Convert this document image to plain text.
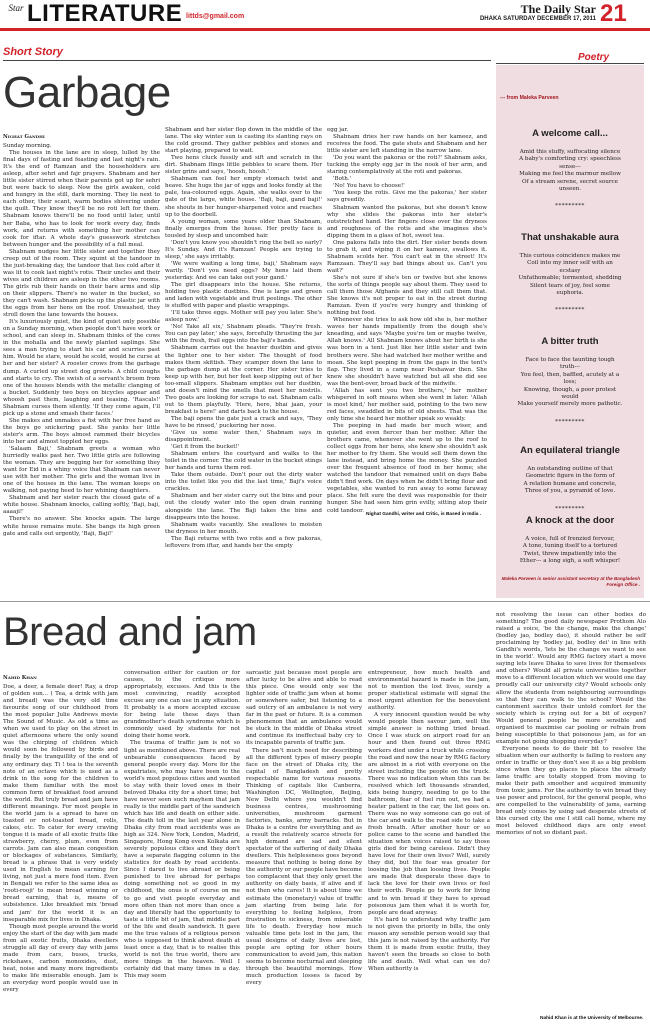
Star LITERATURE littds@gmail.com
The Daily Star
DHAKA SATURDAY DECEMBER 17, 2011 21
Short Story
Garbage
Nighat Gandhi

Sunday morning.

The houses in the lane are in sleep, lulled by the final days of fasting and feasting and last night's rain. It's the end of Ramzan and the householders are asleep, after sehri and fajr prayers. Shabnam and her little sister stirred when their parents got up for sehri but were back to sleep. Now the girls awaken, cold and hungry in the still, dark morning. They lie next to each other, their scant, warm bodies shivering under the quilt. They know they'll be no roti left for them. Shabnam knows there'll be no food until later, until her Baba, who has to look for work every day, finds work, and returns with something her mother can cook for iftar. A whole day's guesswork stretches between hunger and the possibility of a full meal.

Shabnam nudges her little sister and together they creep out of the room. They squint at the tandoor in the just-breaking day, the tandoor that lies cold after it was lit to cook last night's rotis. Their uncles and their wives and children are asleep in the other two rooms. The girls rub their hands on their bare arms and slip on their slippers. There's no water in the bucket, so they can't wash. Shabnam picks up the plastic jar with the eggs from her hens on the roof. Unwashed, they stroll down the lane towards the houses.

It's luxuriously quiet, the kind of quiet only possible on a Sunday morning, when people don't have work or school, and can sleep in. Shabnam thinks of the cows in the mohalla and the newly planted saplings. She sees a man trying to start his car and scurries past him. Would he stare, would he scold, would he curse at her and her sister? A rooster crows from the garbage dump. A curled up street dog growls. A child coughs and starts to cry. The swish of a servant's broom from one of the houses blends with the metallic clanging of a bucket. Suddenly two boys on bicycles appear and whoosh past them, laughing and teasing. 'Rascals!' Shabnam curses them silently. 'If they come again, I'll pick up a stone and smash their faces.'

She makes and unmakes a fist with her free hand as the boys go snickering past. She yanks her little sister's arm. The boys almost rammed their bicycles into her and almost toppled her eggs.

'Salaam Baji,' Shabnam greets a woman who hurriedly walks past her. Two little girls are following the woman. They are begging her for something they want for Eid in a whiny voice that Shabnam can never use with her mother. The girls and the woman live in one of the houses in the lane. The woman keeps on walking, not paying heed to her whining daughters.

Shabnam and her sister reach the closed gate of a white house. Shabnam knocks, calling softly, 'Baji, baji, aaaaji!'

There's no answer. She knocks again. The large white house remains mute. She bangs its high green gate and calls out urgently, 'Baji, Baji!'

Shabnam and her sister flop down in the middle of the lane. The sky winter sun is casting its slanting rays on the cold ground. They gather pebbles and stones and start playing, prepared to wait.

Two hens cluck fussily and sift and scratch in the dirt. Shabnam flings little pebbles to scare them. Her sister grins and says, 'hoosh, hoosh.'

Shabnam can feel her empty stomach twist and heave. She hugs the jar of eggs and looks fondly at the pale, tea-coloured eggs. Again, she walks over to the gate of the large, white house. 'Baji, baji, gand baji!' she shouts in her hunger-sharpened voice and reaches up to the doorbell.

A young woman, some years older than Shabnam, finally emerges from the house. Her pretty face is tousled by sleep and uncombed hair.

'Don't you know you shouldn't ring the bell so early? It's Sunday. And it's Ramzan! People are trying to sleep,' she says irritably.

'We were waiting a long time, baji,' Shabnam says warily. 'Don't you need eggs? My hens laid them yesterday. And we can take out your gand.'

The girl disappears into the house. She returns, holding two plastic dustbins. One is large and green and laden with vegetable and fruit peelings. The other is stuffed with paper and plastic wrappings.

'I'll take three eggs. Mother will pay you later. She's asleep now.'

'No! Take all six,' Shabnam pleads. 'They're fresh. You can pay later,' she says, forcefully thrusting the jar with the fresh, frail eggs into the baji's hands.

Shabnam carries out the heavier dustbin and gives the lighter one to her sister. The thought of food makes them skittish. They scamper down the lane to the garbage dump at the corner. Her sister tries to keep up with her, but her feet keep slipping out of her too-small slippers. Shabnam empties out her dustbin, and doesn't mind the smells that meet her nostrils. Two goats are looking for scraps to eat. Shabnam calls out to them playfully. 'Here, here, bhai jaan, your breakfast is here!' and darts back to the house.

The baji opens the gate just a crack and says, 'They have to be rinsed,' puckering her nose.

'Give us some water then,' Shabnam says in disappointment.

'Get it from the bucket!'

Shabnam enters the courtyard and walks to the toilet in the corner. The cold water in the bucket stings her hands and turns them red.

Take them outside. Don't pour out the dirty water into the toilet like you did the last time,' Baji's voice crackles.

Shabnam and her sister carry out the bins and pour out the cloudy water into the open drain running alongside the lane. The Baji takes the bins and disappears into the house.

Shabnam waits vacantly. She swallows to moisten the dryness in her mouth.

The Baji returns with two rotis and a few pakoras, leftovers from iftar, and hands her the empty

egg jar.

Shabnam dries her raw hands on her kameez, and receives the food. The gate shuts and Shabnam and her little sister are left standing in the narrow lane.

'Do you want the pakoras or the roti?' Shabnam asks, tucking the empty egg jar in the nook of her arm, and staring contemplatively at the roti and pakoras.

'Both.'

'No! You have to choose!'

'You keep the rotis. Give me the pakoras,' her sister says greedily.

Shabnam wanted the pakoras, but she doesn't know why she slides the pakoras into her sister's outstretched hand. Her fingers close over the dryness and roughness of the rotis and she imagines she's dipping them in a glass of hot, sweet tea.

One pakora falls into the dirt. Her sister bends down to grab it, and wiping it on her kameez, swallows it. Shabnam scolds her. 'You can't eat in the street! It's Ramzaan. They'll say bad things about us. Can't you wait?'

She's not sure if she's ten or twelve but she knows the sorts of things people say about them. They used to call them those Afghanis and they still call them that. She knows it's not proper to eat in the street during Ramzan. Even if you're very hungry and thinking of nothing but food.

Whenever she tries to ask how old she is, her mother waves her hands impatiently from the dough she's kneading, and says 'Maybe you're ten or maybe twelve, Allah knows.' All Shabnam knows about her birth is she was born in a tent. Just like her little sister and twin brothers were. She had watched her mother writhe and moan. She kept peeping in from the gaps in the tent's flap. They lived in a camp near Peshawar then. She knew she shouldn't have watched but all she did see was the bent-over, broad back of the midwife.

'Allah has sent you two brothers,' her mother whispered in soft moans when she went in later. 'Allah is most kind,' her mother said, pointing to the two new red faces, swaddled in bits of old sheets. That was the only time she heard her mother speak so weakly.

The peeping in had made her much wiser, and quieter, and even fiercer than her mother. After the brothers came, whenever she went up to the roof to collect eggs from her hens, she knew she shouldn't ask her mother to fry them. She would sell them down the lane instead, and bring home the money. She puzzled over the frequent absence of food in her home; she watched the tandoor that remained unlit on days Baba didn't find work. On days when he didn't bring flour and vegetables, she wanted to run away to some faraway place. She felt sure the devil was responsible for their hunger. She had seen him grin evilly, sitting atop their cold tandoor.

Nighat Gandhi, writer and Critic, is Based in India .
Poetry
--- from Maleka Parveen
A welcome call...
Amid this stuffy, suffocating silence
A baby's comforting cry: speechless
sense---
Making me feel the marmur mellow
Of a stream serene, secret source
unseen.
*********
That unshakable aura
This curious coincidence makes me
Coil into my inner self with an
ecstasy
Unfathomable; tormented, shedding
Silent tears of joy, feel some
euphoria.
*********
A bitter truth
Face to face the taunting tough
truth---
You feel, then, baffled, acutely at a
loss;
Knowing, though, a poor protest
would
Make yourself merely more pathetic.
*********
An equilateral triangle
An outstanding outline of that
Geometric figure in the form of
A relation humane and concrete,
Three of you, a pyramid of love.
*********
A knock at the door
A voice, full of frenzied fervour,
A tone, tuning itself to a tortured
Twist, threw impatiently into the
Ether--- a long sigh, a soft whisper!
Maleka Parveen is senior assistant secretary at the Bangladesh Foreign Office .
Bread and jam
Nahid Khan

Doe, a deer, a female deer! Ray, a drop of golden sun... ( Tea, a drink with jam and bread) was the very old time favourite song of our childhood from the most popular Julie Andrews movie The Sound of Music. As old a time as when we used to play on the street in quiet afternoons where the only sound was the chirping of children which would soon be followed by birds and finally by the tranquillity of the end of any ordinary day. Ti ! tea is the seventh note of an octave which is used as a drink in the song for the children to make them familiar with the most common form of breakfast food around the world. But truly bread and jam have different meanings. For most people in the world jam is a spread to have on toasted or not-toasted bread, rolls, cakes, etc. To cater for every craving tongue it is made of all exotic fruits like strawberry, cherry, plum, even from carrots. Jam can also mean congestion or blockages of substances. Similarly, bread is a phrase that is very widely used in English to mean earning for living, not just a mere food item. Even in Bengali we refer to the same idea as 'rooti-rooji' to mean bread winning or bread earning, that is, means of subsistence. Like breakfast mix 'bread and jam' for the world it is an inseparable mix for lives in Dhaka.

Though most people around the world enjoy the start of the day with jam made from all exotic fruits, Dhaka dwellers struggle all day of every day with jams made from cars, buses, trucks, rickshaws, carbon monoxides, dust, heat, noise and many more ingredients to make life miserable enough. Jam is an everyday word people would use in every

conversation either for caution or for causes, to the critique more appropriately, excuses. And this is the most convincing, readily accepted excuse any one can use in any situation. It probably is a more accepted excuse for being late these days than grandmother's death syndrome which is commonly used by students for not doing their home work.

The trauma of traffic jam is not so light as mentioned above. There are real unbearable consequences faced by general people every day. More for the expatriates, who may have been to the world's most populous cities and wanted to stay with their loved ones in their beloved Dhaka city for a short time; but have never seen such mayhem that jam really is the middle part of the sandwich which has life and death on either side. The death toll in the last year alone in Dhaka city from road accidents was as high as 324. New York, London, Madrid, Singapore, Hong Kong even Kolkata are severely populous cities and they don't have a separate flagging column in the statistics for death by road accidents. Since I dared to live abroad or being punished to live abroad for perhaps doing something not so good in my childhood, the onus is of course on me to go and visit people everyday and more often than not more than once a day and literally had the opportunity to taste a little bit of jam, that middle part of the life and death sandwich. It gave me the true values of a religious person who is supposed to think about death at least once a day, that is to realise this world is not the true world, there are more things in the heaven. Well I certainly did that many times in a day. This may seem

sarcastic just because most people are after lucky to be alive and able to read this piece. One would only see the lighter side of traffic jam when at home or somewhere safer, but listening to a sad outcry of an ambulance is not very far in the past or future. It is a common phenomenon that an ambulance would be stuck in the middle of Dhaka street and continue its ineffectual baby cry to its incapable parents of traffic jam.

There isn't much need for describing all the different types of misery people face on the street of Dhaka city, the capital of Bangladesh and pretty respectable name for various reasons. Thinking of capitals like Canberra, Washington DC, Wellington, Beijing, New Delhi where you wouldn't find business centres, mushrooming universities, mushroom garment factories, banks, army barracks. But in Dhaka is a centre for everything and as a result the relatively scarce streets for high demand are sad and silent spectator of the suffering of daily Dhaka dwellers. This helplessness goes beyond measure that nothing is being done by the authority or our people have become too complacent that they only greet the authority on daily basis, if alive and if not then who cares! It is about time we estimate the (monetary) value of traffic jam starting from being late for everything to feeling helpless, from frustration to sickness, from miserable life to death. Everyday how much valuable time gets lost in the jam, the usual designs of daily lives are lost, people are opting for other hours communication to avoid jam, this nation seems to become nocturnal and sleeping through the beautiful mornings. How much production losses is faced by every

entrepreneur, how much health and environmental hazard is made in the jam, not to mention the lost lives, surely a proper statistical estimate will signal the most urgent attention for the benevolent authority.

A very innocent question would be why would people then savour jam, well the simple answer is nothing tried bread. Once I was stuck on airport road for an hour and then found out three RMG workers died under a truck while crossing the road and now the near by RMG factory are almost in a riot with everyone on the street including the people on the truck. There was no indication when this can be resolved which left thousands stranded, kids being hungry, needing to go to the bathroom, fear of fuel run out, we had a heater patient in the car, the list goes on. There was no way someone can go out of the car and walk to the road side to take a fresh breath. After another hour or so police came to the scene and handled the situation when voices raised to say those girls died for being careless. Didn't they have love for their own lives? Well, surely they did, but the fear was greater for loosing the job than loosing lives. People are made that desperate these days to lack the love for their own lives or feel their worth. People go to work for living and to win bread if they have to spread poisonous jam then what it is worth for, people are dead anyway.

It's hard to understand why traffic jam is not given the priority in bills, the only reason any sensible person would say that this jam is not raised by the authority. For them it is made from exotic fruits, they haven't seen the breads so close to both life and death. Well what can we do? When authority is

not resolving the issue can other bodies do something? The good daily newspaper Prothom Alo raised a voice, 'be the change, make the change' (bodley jao, bodley dao), it should rather be self proclaiming by 'bodley jai, bodley dei' in line with Gandhi's words, 'lets be the change we want to see in the world'. Would any RMG factory start a move saying lets leave Dhaka to save lives for themselves and others? Would all private universities together move to a different location which we would one day proudly call our university city? Would schools only allow the students from neighbouring surroundings so that they can walk to the school? Would the cantonment sacrifice their untold comfort for the society which is crying out for a bit of oxygen? Would general people be more sensible and organised to maximise car pooling or refrain from being susceptible to that poisonous jam, as for an example not going shopping everyday?

Everyone needs to do their bit to resolve the situation when our authority is failing to restore any order in traffic or they don't see it as a big problem since when they go places to places the already lame traffic are totally stopped from moving to make their path smoother and acquired immunity from toxic jams. For the authority to win bread they use power and protocol, for the general people, who are compelled to the vulnerability of jams, earning bread only comes by using sad desperate streets of this cursed city the one I still call home, where my most beloved childhood days are only sweet memories of not so distant past.

Nahid Khan is at the University of Melbourne.
